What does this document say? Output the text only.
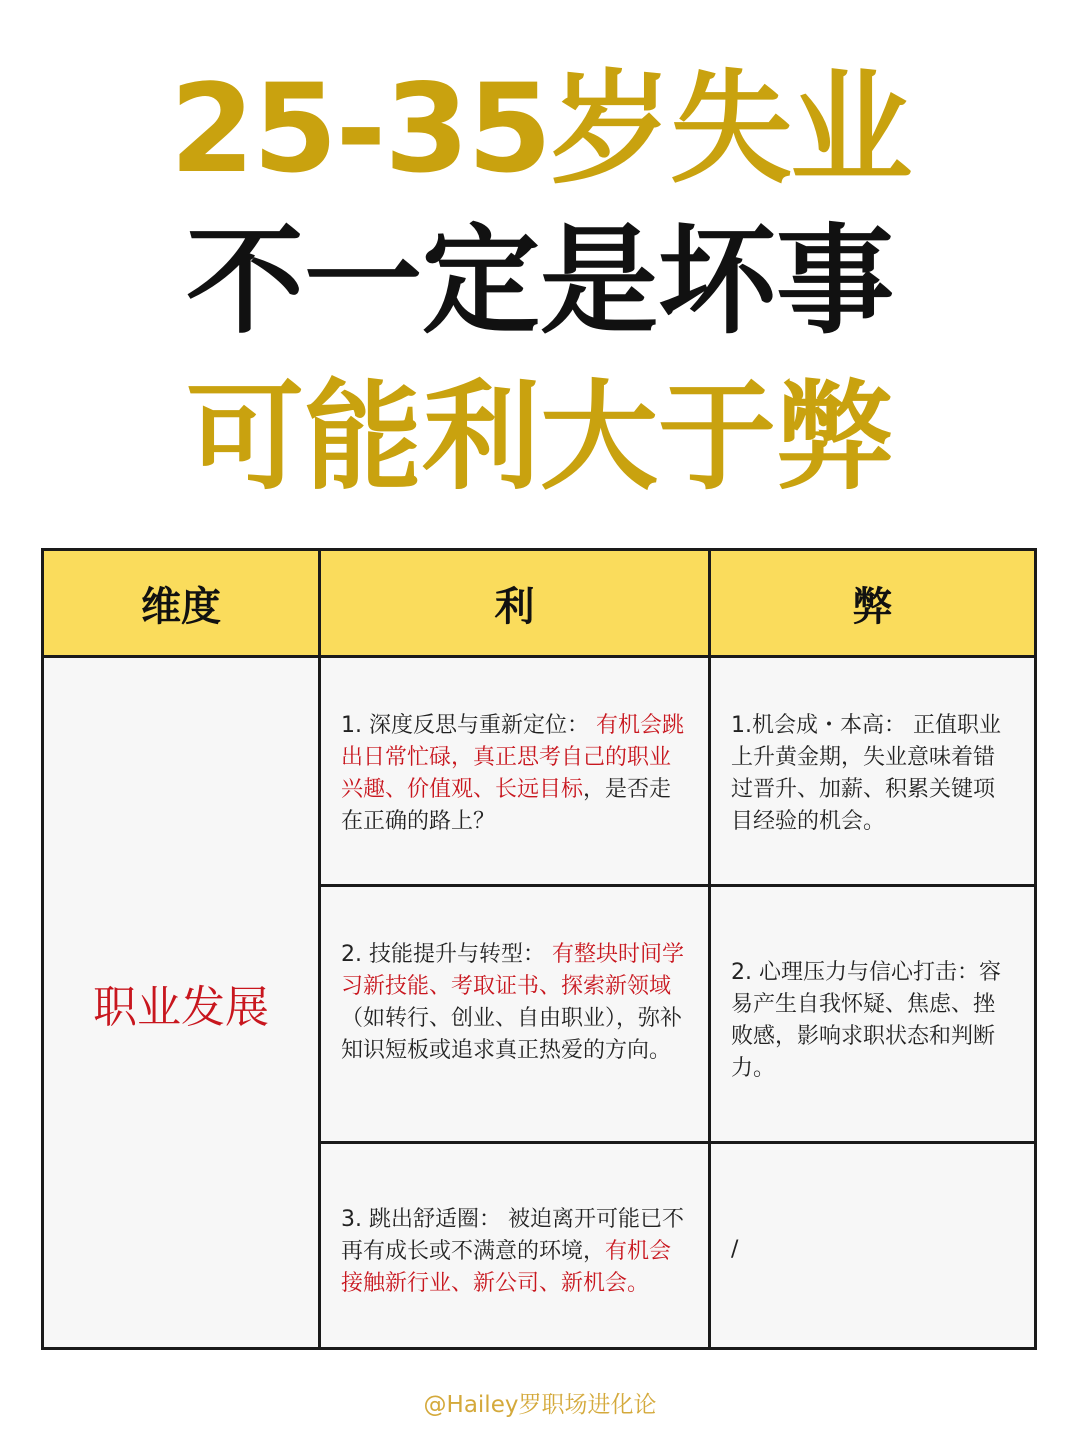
25-35岁失业
不一定是坏事
可能利大于弊
维度	利	弊
职业发展	1. 深度反思与重新定位： 有机会跳出日常忙碌，真正思考自己的职业兴趣、价值观、长远目标，是否走在正确的路上？	1.机会成・本高： 正值职业上升黄金期，失业意味着错过晋升、加薪、积累关键项目经验的机会。

	2. 技能提升与转型： 有整块时间学习新技能、考取证书、探索新领域（如转行、创业、自由职业），弥补知识短板或追求真正热爱的方向。	2. 心理压力与信心打击：容易产生自我怀疑、焦虑、挫败感，影响求职状态和判断力。

	3. 跳出舒适圈： 被迫离开可能已不再有成长或不满意的环境，有机会接触新行业、新公司、新机会。	/
@Hailey罗职场进化论
